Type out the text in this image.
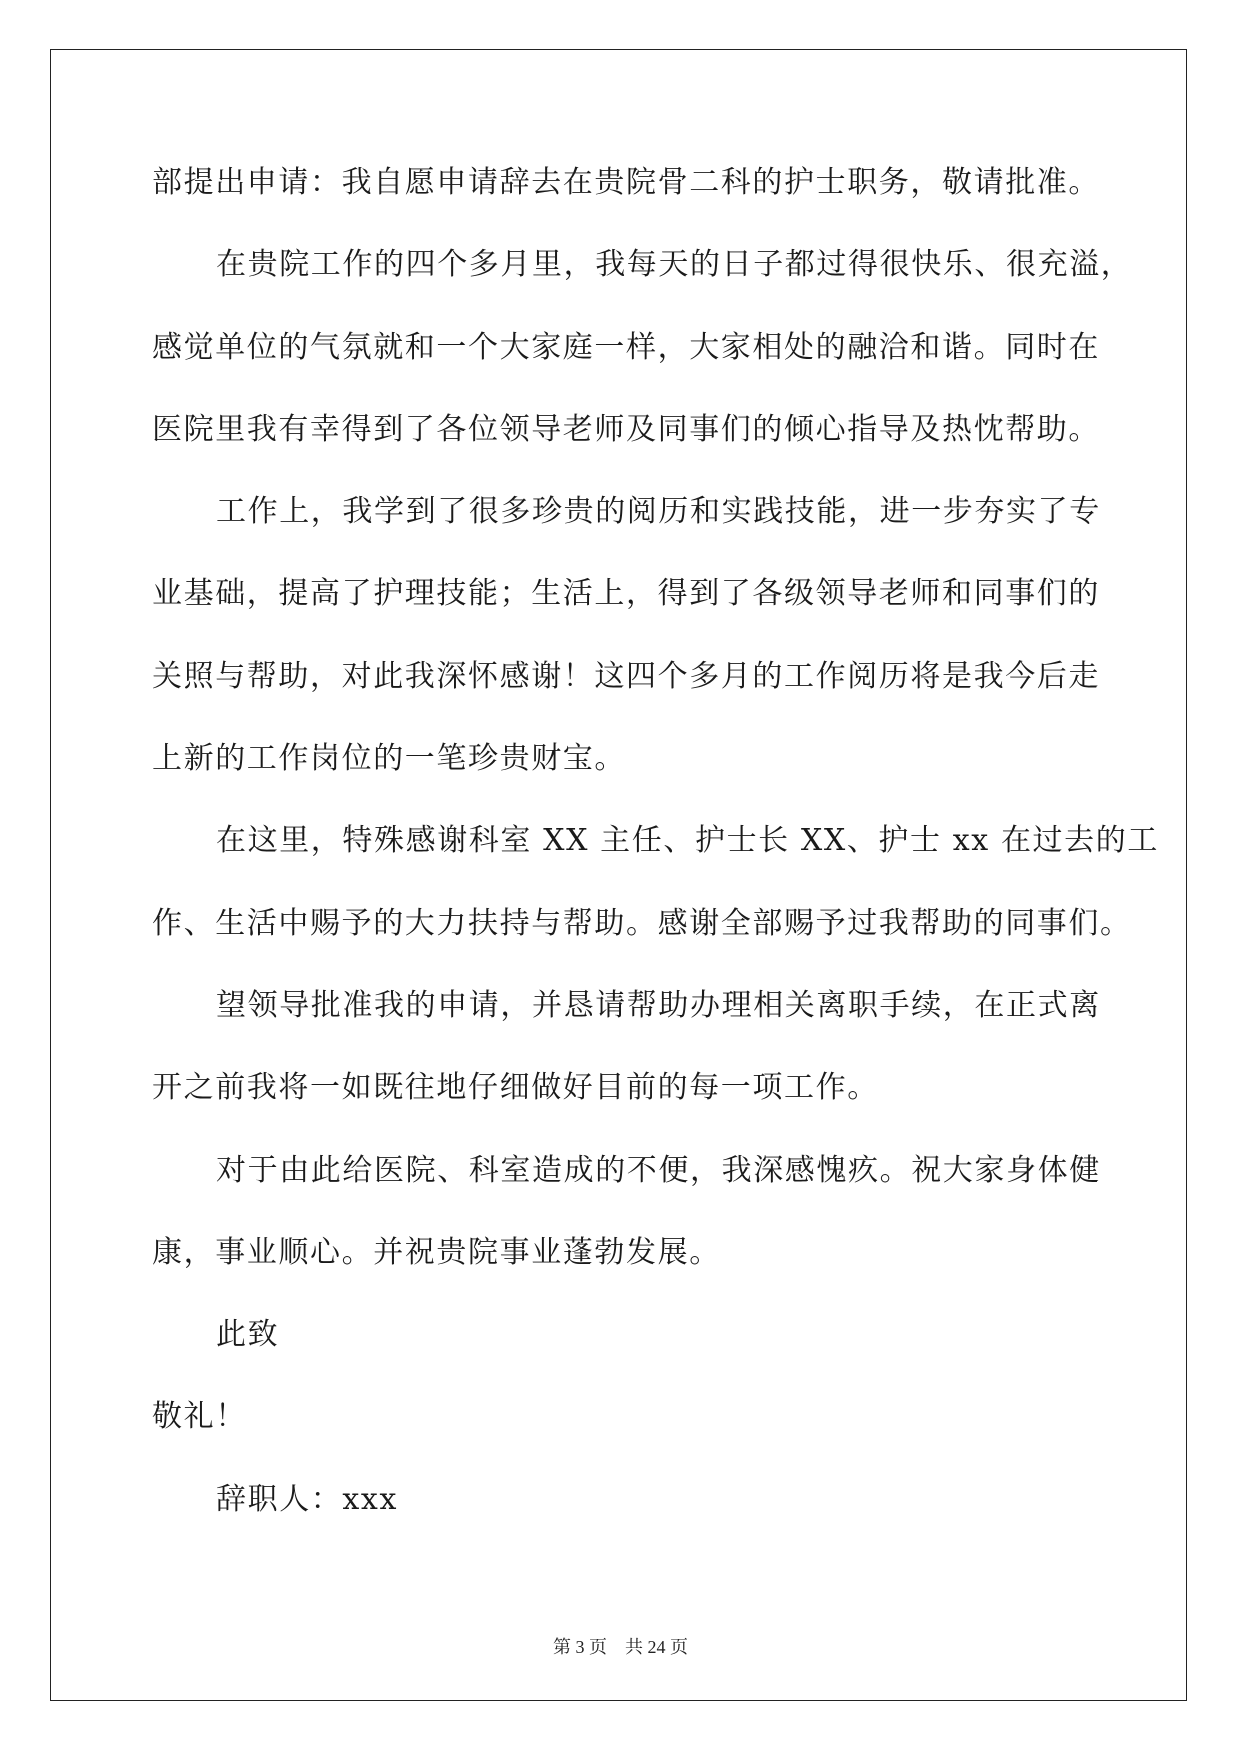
部提出申请：我自愿申请辞去在贵院骨二科的护士职务，敬请批准。
在贵院工作的四个多月里，我每天的日子都过得很快乐、很充溢，
感觉单位的气氛就和一个大家庭一样，大家相处的融洽和谐。同时在
医院里我有幸得到了各位领导老师及同事们的倾心指导及热忱帮助。
工作上，我学到了很多珍贵的阅历和实践技能，进一步夯实了专
业基础，提高了护理技能；生活上，得到了各级领导老师和同事们的
关照与帮助，对此我深怀感谢！这四个多月的工作阅历将是我今后走
上新的工作岗位的一笔珍贵财宝。
在这里，特殊感谢科室 XX 主任、护士长 XX、护士 xx 在过去的工
作、生活中赐予的大力扶持与帮助。感谢全部赐予过我帮助的同事们。
望领导批准我的申请，并恳请帮助办理相关离职手续，在正式离
开之前我将一如既往地仔细做好目前的每一项工作。
对于由此给医院、科室造成的不便，我深感愧疚。祝大家身体健
康，事业顺心。并祝贵院事业蓬勃发展。
此致
敬礼！
辞职人：xxx
第 3 页　共 24 页
